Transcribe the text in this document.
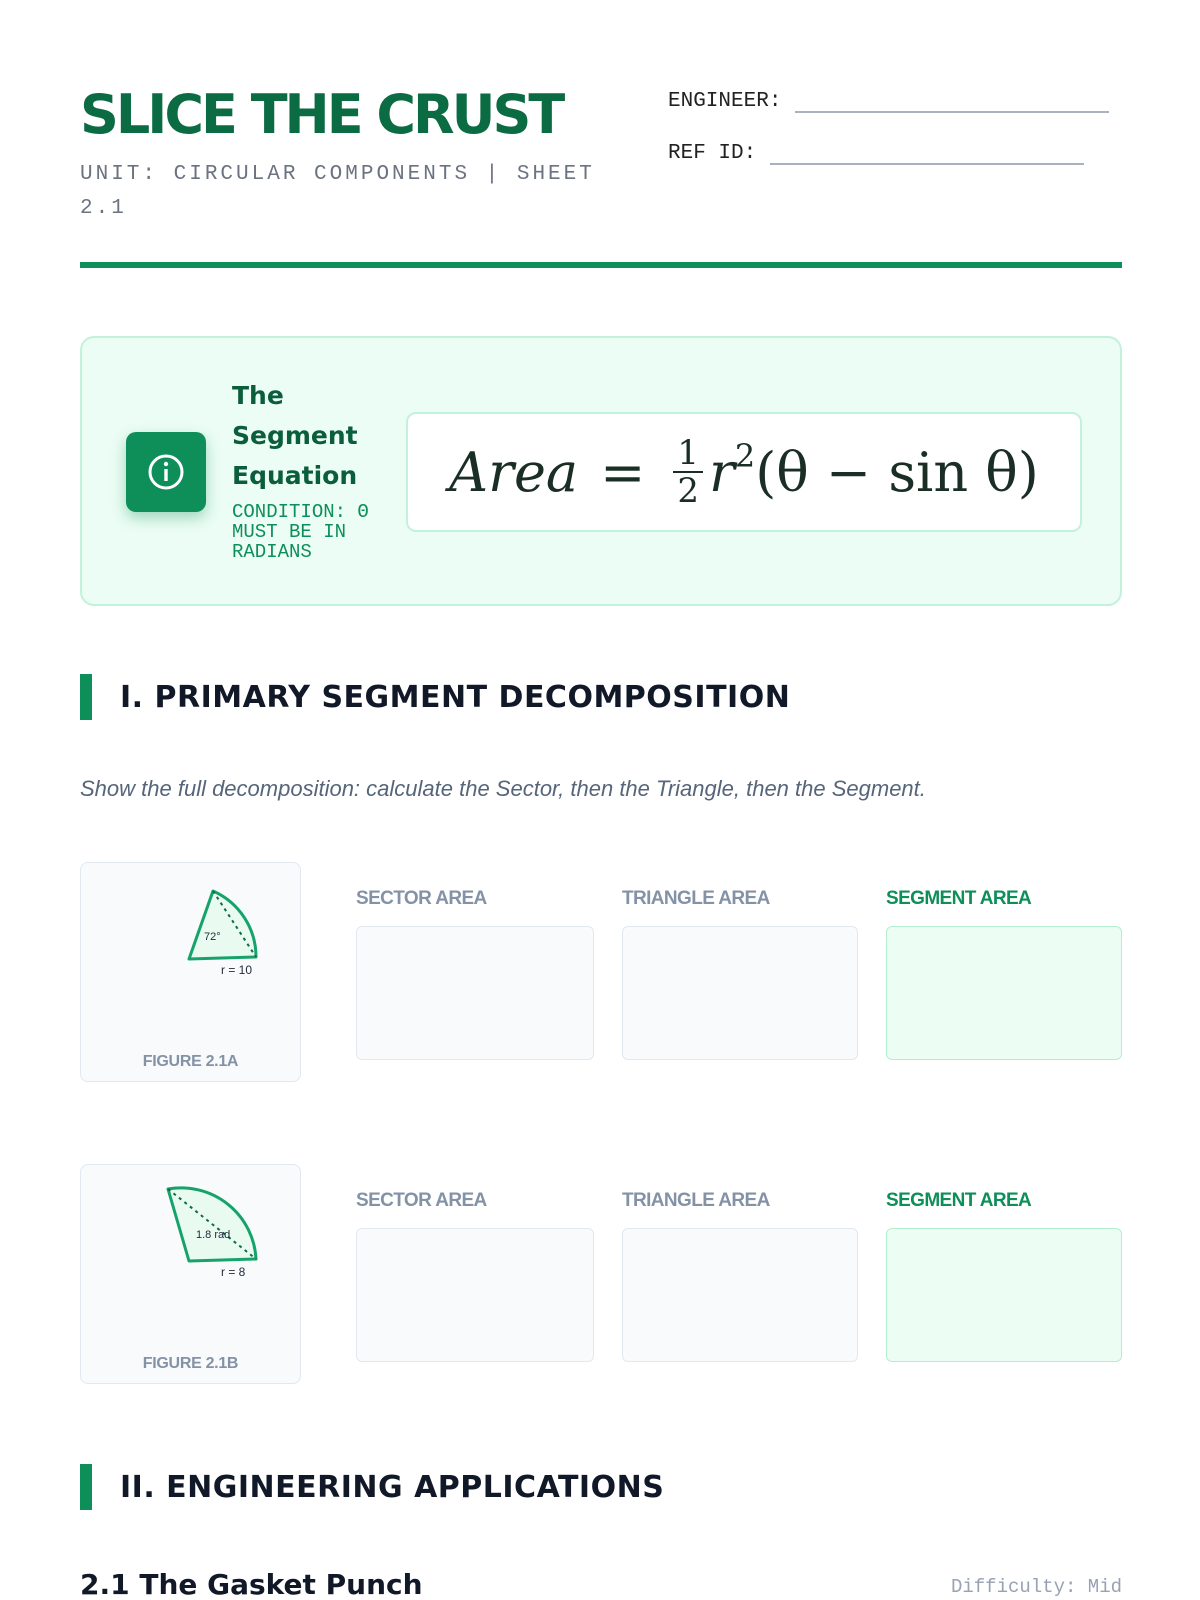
SLICE THE CRUST
UNIT: CIRCULAR COMPONENTS | SHEET 2.1
ENGINEER:
REF ID:
The Segment Equation
CONDITION: Θ MUST BE IN RADIANS
Area = $\frac{1}{2}$ r 2 (θ − sin θ)
I. PRIMARY SEGMENT DECOMPOSITION
Show the full decomposition: calculate the Sector, then the Triangle, then the Segment.
72°
r = 10
FIGURE 2.1A
SECTOR AREA	TRIANGLE AREA	SEGMENT AREA
1.8 rad
r = 8
FIGURE 2.1B
SECTOR AREA	TRIANGLE AREA	SEGMENT AREA
II. ENGINEERING APPLICATIONS
2.1 The Gasket Punch	Difficulty: Mid
